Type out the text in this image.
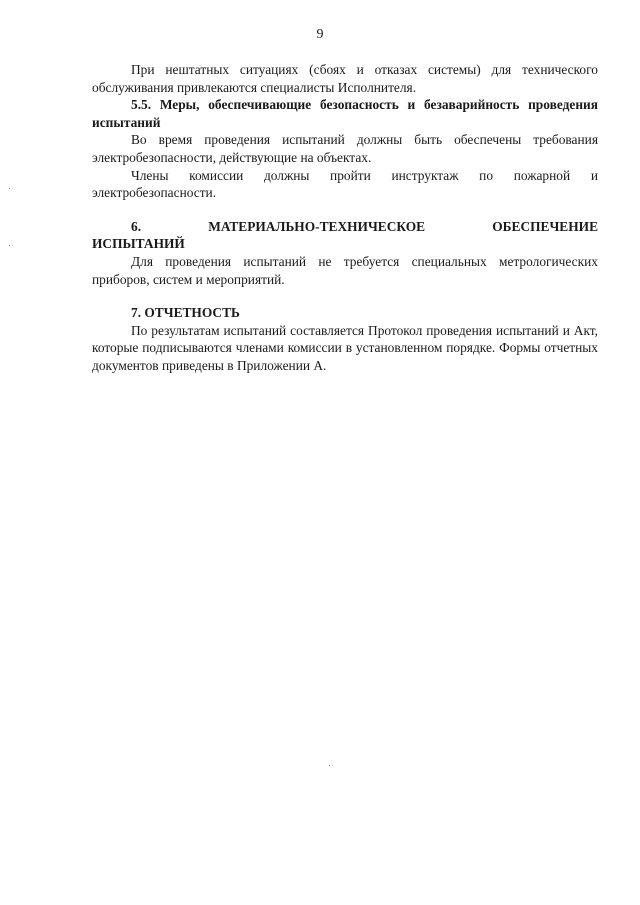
9

При нештатных ситуациях (сбоях и отказах системы) для технического обслуживания привлекаются специалисты Исполнителя.

5.5. Меры, обеспечивающие безопасность и безаварийность проведения испытаний

Во время проведения испытаний должны быть обеспечены требования электробезопасности, действующие на объектах.

Члены комиссии должны пройти инструктаж по пожарной и электробезопасности.

6. МАТЕРИАЛЬНО-ТЕХНИЧЕСКОЕ ОБЕСПЕЧЕНИЕ

ИСПЫТАНИЙ

Для проведения испытаний не требуется специальных метрологических приборов, систем и мероприятий.

7. ОТЧЕТНОСТЬ

По результатам испытаний составляется Протокол проведения испытаний и Акт, которые подписываются членами комиссии в установленном порядке. Формы отчетных документов приведены в Приложении А.
